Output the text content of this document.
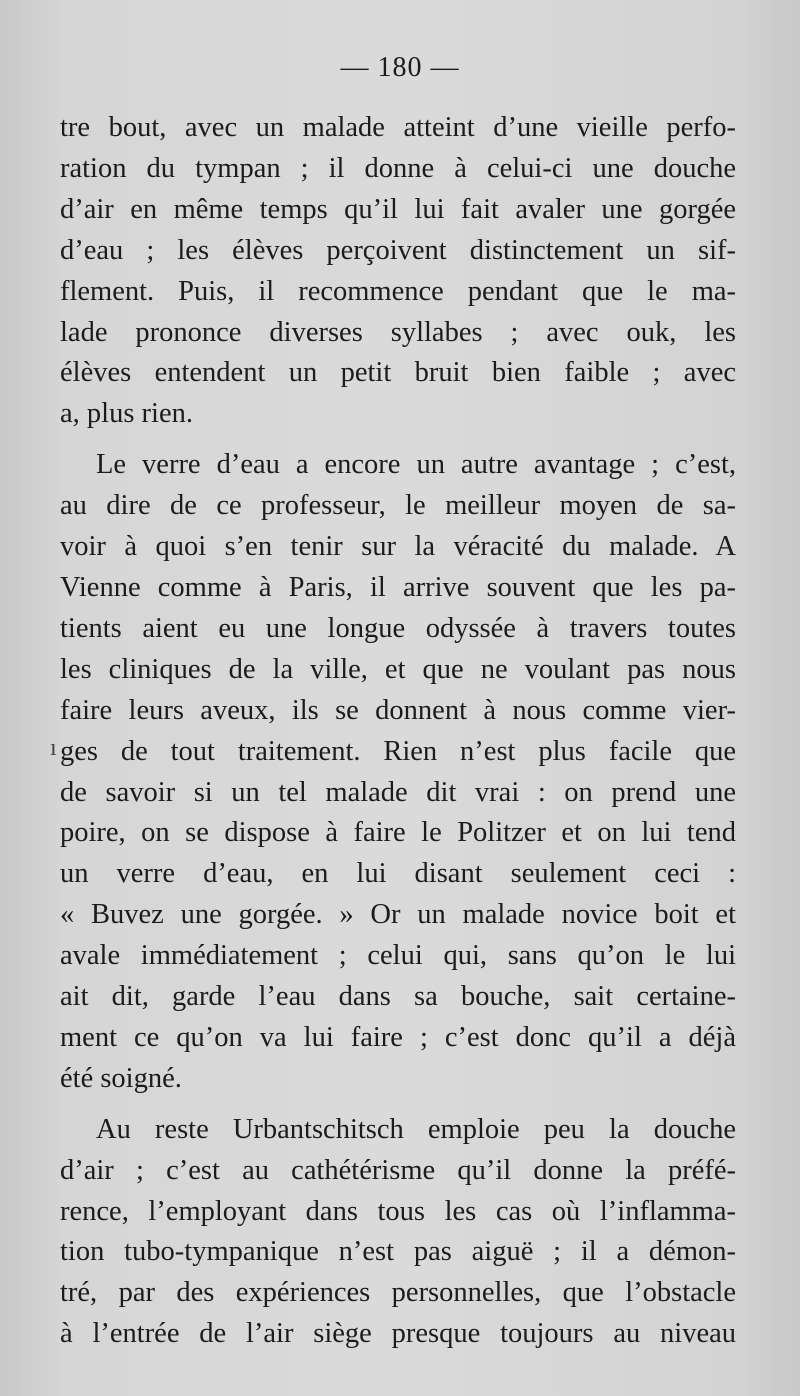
— 180 —
ı

tre bout, avec un malade atteint d’une vieille perfo-
ration du tympan ; il donne à celui-ci une douche
d’air en même temps qu’il lui fait avaler une gorgée
d’eau ; les élèves perçoivent distinctement un sif-
flement. Puis, il recommence pendant que le ma-
lade prononce diverses syllabes ; avec ouk, les
élèves entendent un petit bruit bien faible ; avec
a, plus rien.

Le verre d’eau a encore un autre avantage ; c’est,
au dire de ce professeur, le meilleur moyen de sa-
voir à quoi s’en tenir sur la véracité du malade. A
Vienne comme à Paris, il arrive souvent que les pa-
tients aient eu une longue odyssée à travers toutes
les cliniques de la ville, et que ne voulant pas nous
faire leurs aveux, ils se donnent à nous comme vier-
ges de tout traitement. Rien n’est plus facile que
de savoir si un tel malade dit vrai : on prend une
poire, on se dispose à faire le Politzer et on lui tend
un verre d’eau, en lui disant seulement ceci :
« Buvez une gorgée. » Or un malade novice boit et
avale immédiatement ; celui qui, sans qu’on le lui
ait dit, garde l’eau dans sa bouche, sait certaine-
ment ce qu’on va lui faire ; c’est donc qu’il a déjà
été soigné.

Au reste Urbantschitsch emploie peu la douche
d’air ; c’est au cathétérisme qu’il donne la préfé-
rence, l’employant dans tous les cas où l’inflamma-
tion tubo-tympanique n’est pas aiguë ; il a démon-
tré, par des expériences personnelles, que l’obstacle
à l’entrée de l’air siège presque toujours au niveau
